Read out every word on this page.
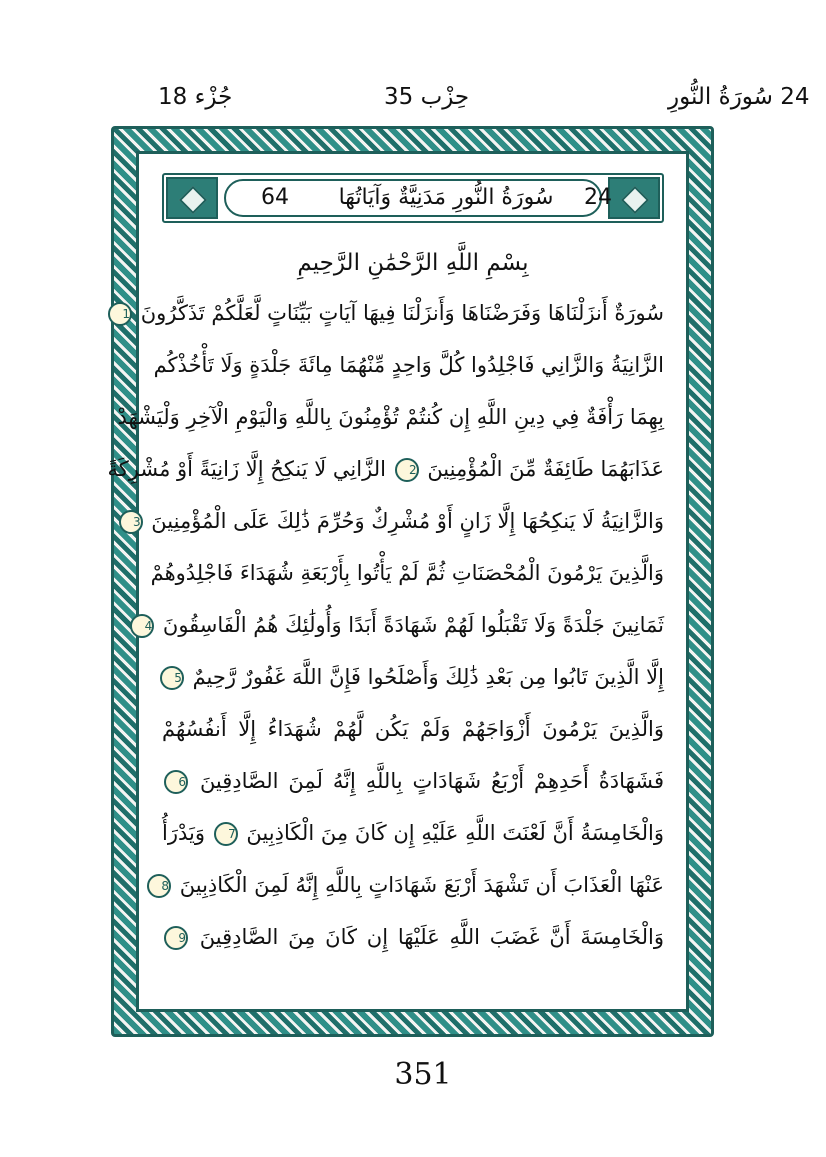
24 سُورَةُ النُّورِ
حِزْب 35
جُزْء 18
64 سُورَةُ النُّورِ مَدَنِيَّةٌ وَآيَاتُهَا	24
بِسْمِ اللَّهِ الرَّحْمَٰنِ الرَّحِيمِ
سُورَةٌ أَنزَلْنَاهَا وَفَرَضْنَاهَا وَأَنزَلْنَا فِيهَا آيَاتٍ بَيِّنَاتٍ لَّعَلَّكُمْ تَذَكَّرُونَ 1
الزَّانِيَةُ وَالزَّانِي فَاجْلِدُوا كُلَّ وَاحِدٍ مِّنْهُمَا مِائَةَ جَلْدَةٍ وَلَا تَأْخُذْكُم
بِهِمَا رَأْفَةٌ فِي دِينِ اللَّهِ إِن كُنتُمْ تُؤْمِنُونَ بِاللَّهِ وَالْيَوْمِ الْآخِرِ وَلْيَشْهَدْ
عَذَابَهُمَا طَائِفَةٌ مِّنَ الْمُؤْمِنِينَ 2 الزَّانِي لَا يَنكِحُ إِلَّا زَانِيَةً أَوْ مُشْرِكَةً
وَالزَّانِيَةُ لَا يَنكِحُهَا إِلَّا زَانٍ أَوْ مُشْرِكٌ وَحُرِّمَ ذَٰلِكَ عَلَى الْمُؤْمِنِينَ 3
وَالَّذِينَ يَرْمُونَ الْمُحْصَنَاتِ ثُمَّ لَمْ يَأْتُوا بِأَرْبَعَةِ شُهَدَاءَ فَاجْلِدُوهُمْ
ثَمَانِينَ جَلْدَةً وَلَا تَقْبَلُوا لَهُمْ شَهَادَةً أَبَدًا وَأُولَٰئِكَ هُمُ الْفَاسِقُونَ 4
إِلَّا الَّذِينَ تَابُوا مِن بَعْدِ ذَٰلِكَ وَأَصْلَحُوا فَإِنَّ اللَّهَ غَفُورٌ رَّحِيمٌ 5
وَالَّذِينَ يَرْمُونَ أَزْوَاجَهُمْ وَلَمْ يَكُن لَّهُمْ شُهَدَاءُ إِلَّا أَنفُسُهُمْ
فَشَهَادَةُ أَحَدِهِمْ أَرْبَعُ شَهَادَاتٍ بِاللَّهِ إِنَّهُ لَمِنَ الصَّادِقِينَ 6
وَالْخَامِسَةُ أَنَّ لَعْنَتَ اللَّهِ عَلَيْهِ إِن كَانَ مِنَ الْكَاذِبِينَ 7 وَيَدْرَأُ
عَنْهَا الْعَذَابَ أَن تَشْهَدَ أَرْبَعَ شَهَادَاتٍ بِاللَّهِ إِنَّهُ لَمِنَ الْكَاذِبِينَ 8
وَالْخَامِسَةَ أَنَّ غَضَبَ اللَّهِ عَلَيْهَا إِن كَانَ مِنَ الصَّادِقِينَ 9
351
